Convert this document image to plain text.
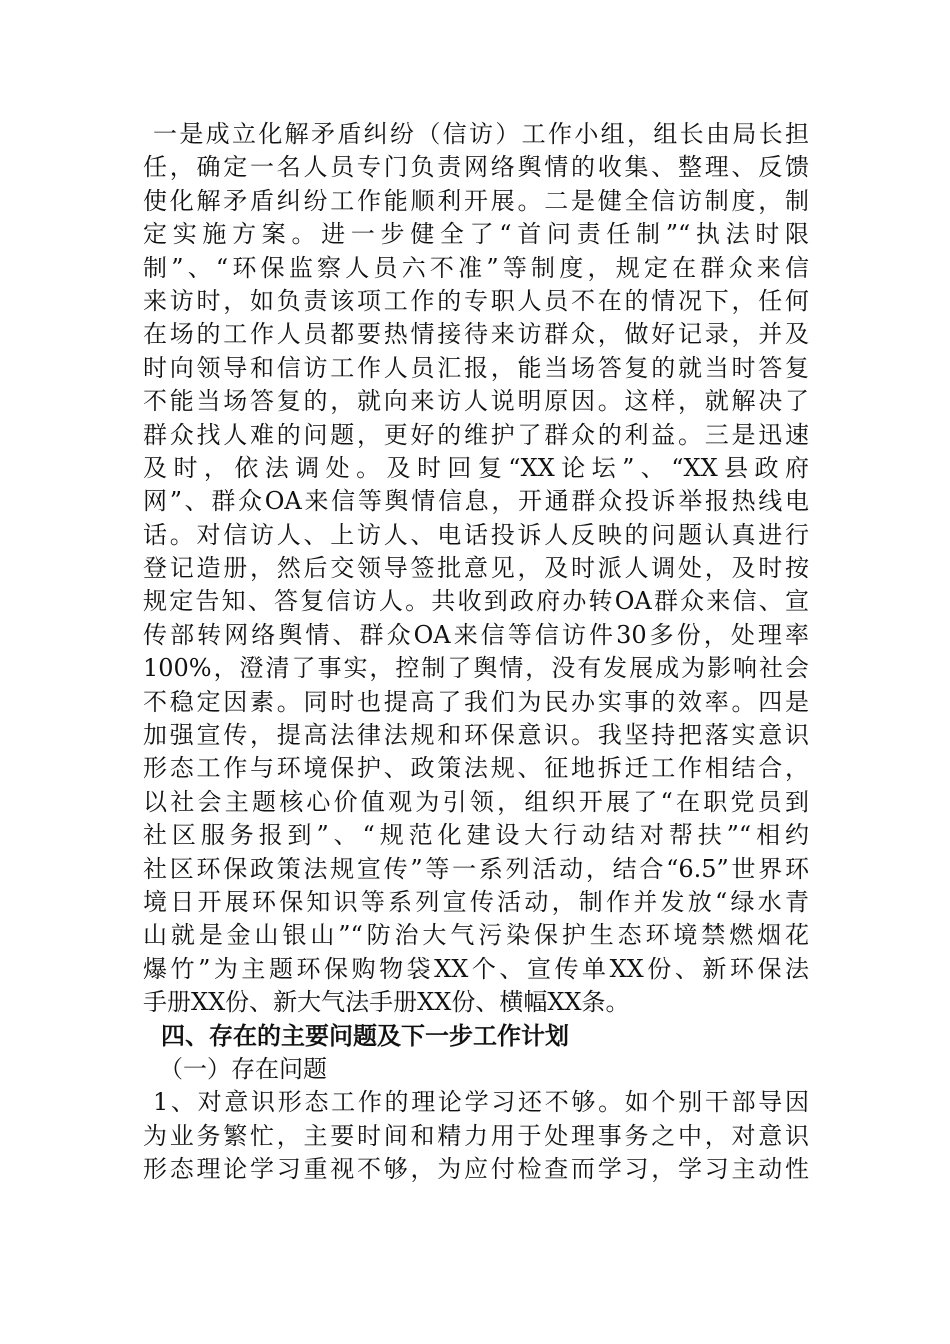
一是成立化解矛盾纠纷（信访）工作小组，组长由局长担
任，确定一名人员专门负责网络舆情的收集、整理、反馈
使化解矛盾纠纷工作能顺利开展。二是健全信访制度，制
定实施方案。进一步健全了“首问责任制”“执法时限
制”、“环保监察人员六不准”等制度，规定在群众来信
来访时，如负责该项工作的专职人员不在的情况下，任何
在场的工作人员都要热情接待来访群众，做好记录，并及
时向领导和信访工作人员汇报，能当场答复的就当时答复
不能当场答复的，就向来访人说明原因。这样，就解决了
群众找人难的问题，更好的维护了群众的利益。三是迅速
及时，依法调处。及时回复“XX论坛”、“XX县政府
网”、群众OA来信等舆情信息，开通群众投诉举报热线电
话。对信访人、上访人、电话投诉人反映的问题认真进行
登记造册，然后交领导签批意见，及时派人调处，及时按
规定告知、答复信访人。共收到政府办转OA群众来信、宣
传部转网络舆情、群众OA来信等信访件30多份，处理率
100%，澄清了事实，控制了舆情，没有发展成为影响社会
不稳定因素。同时也提高了我们为民办实事的效率。四是
加强宣传，提高法律法规和环保意识。我坚持把落实意识
形态工作与环境保护、政策法规、征地拆迁工作相结合，
以社会主题核心价值观为引领，组织开展了“在职党员到
社区服务报到”、“规范化建设大行动结对帮扶”“相约
社区环保政策法规宣传”等一系列活动，结合“6.5”世界环
境日开展环保知识等系列宣传活动，制作并发放“绿水青
山就是金山银山”“防治大气污染保护生态环境禁燃烟花
爆竹”为主题环保购物袋XX个、宣传单XX份、新环保法
手册XX份、新大气法手册XX份、横幅XX条。
四、存在的主要问题及下一步工作计划
（一）存在问题
1、对意识形态工作的理论学习还不够。如个别干部导因
为业务繁忙，主要时间和精力用于处理事务之中，对意识
形态理论学习重视不够，为应付检查而学习，学习主动性
